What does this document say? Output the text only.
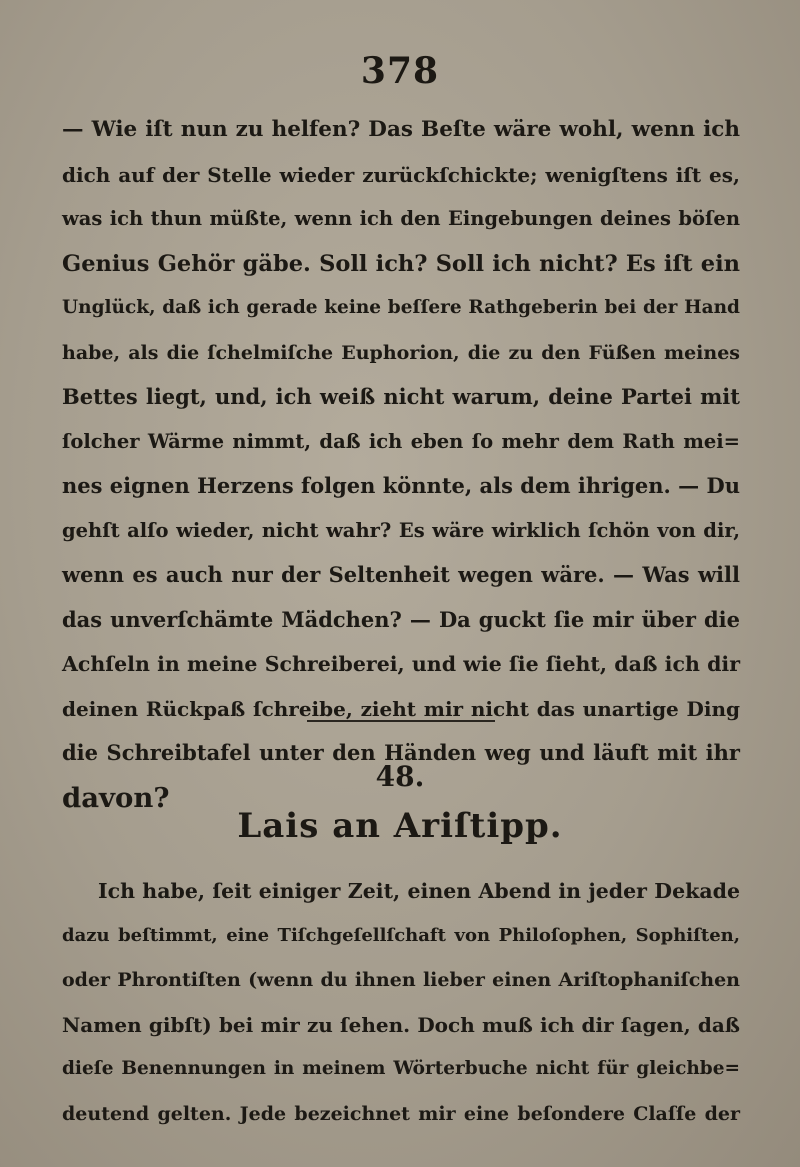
378
— Wie iſt nun zu helfen? Das Beſte wäre wohl, wenn ich
dich auf der Stelle wieder zurückſchickte; wenigſtens iſt es,
was ich thun müßte, wenn ich den Eingebungen deines böſen
Genius Gehör gäbe. Soll ich? Soll ich nicht? Es iſt ein
Unglück, daß ich gerade keine beſſere Rathgeberin bei der Hand
habe, als die ſchelmiſche Euphorion, die zu den Füßen meines
Bettes liegt, und, ich weiß nicht warum, deine Partei mit
ſolcher Wärme nimmt, daß ich eben ſo mehr dem Rath mei=
nes eignen Herzens folgen könnte, als dem ihrigen. — Du
gehſt alſo wieder, nicht wahr? Es wäre wirklich ſchön von dir,
wenn es auch nur der Seltenheit wegen wäre. — Was will
das unverſchämte Mädchen? — Da guckt ſie mir über die
Achſeln in meine Schreiberei, und wie ſie ſieht, daß ich dir
deinen Rückpaß ſchreibe, zieht mir nicht das unartige Ding
die Schreibtafel unter den Händen weg und läuft mit ihr
davon?
48.
Lais an Ariſtipp.
Ich habe, ſeit einiger Zeit, einen Abend in jeder Dekade
dazu beſtimmt, eine Tiſchgeſellſchaft von Philoſophen, Sophiſten,
oder Phrontiſten (wenn du ihnen lieber einen Ariſtophaniſchen
Namen gibſt) bei mir zu ſehen. Doch muß ich dir ſagen, daß
dieſe Benennungen in meinem Wörterbuche nicht für gleichbe=
deutend gelten. Jede bezeichnet mir eine beſondere Claſſe der
